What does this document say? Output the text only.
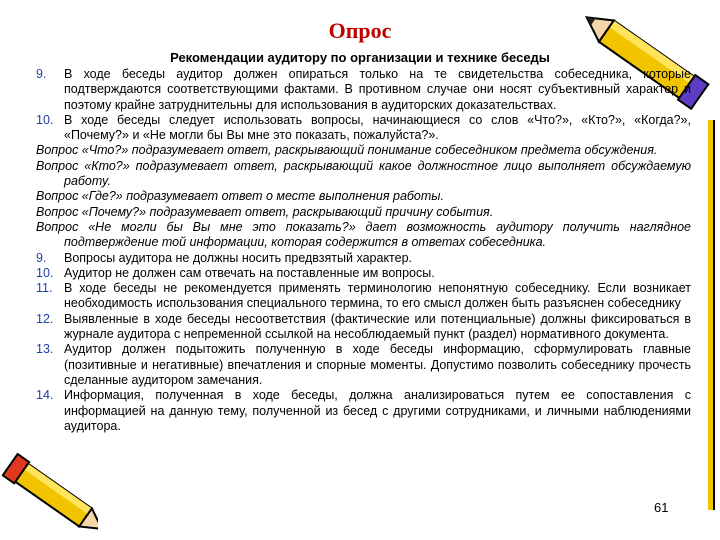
Опрос
Рекомендации аудитору по организации и технике беседы
9.	В ходе беседы аудитор должен опираться только на те свидетельства собеседника, которые подтверждаются соответствующими фактами. В противном случае они носят субъективный характер и поэтому крайне затруднительны для использования в аудиторских доказательствах.
10. В ходе беседы следует использовать вопросы, начинающиеся со слов «Что?», «Кто?», «Когда?», «Почему?» и «Не могли бы Вы мне это показать, пожалуйста?».
Вопрос «Что?» подразумевает ответ, раскрывающий понимание собеседником предмета обсуждения.
Вопрос «Кто?» подразумевает ответ, раскрывающий какое должностное лицо выполняет обсуждаемую работу.
Вопрос «Где?» подразумевает ответ о месте выполнения работы.
Вопрос «Почему?» подразумевает ответ, раскрывающий причину события.
Вопрос «Не могли бы Вы мне это показать?» дает возможность аудитору получить наглядное подтверждение той информации, которая содержится в ответах собеседника.
9.	Вопросы аудитора не должны носить предвзятый характер.
10. Аудитор не должен сам отвечать на поставленные им вопросы.
11. В ходе беседы не рекомендуется применять терминологию непонятную собеседнику. Если возникает необходимость использования специального термина, то его смысл должен быть разъяснен собеседнику
12. Выявленные в ходе беседы несоответствия (фактические или потенциальные) должны фиксироваться в журнале аудитора с непременной ссылкой на несоблюдаемый пункт (раздел) нормативного документа.
13. Аудитор должен подытожить полученную в ходе беседы информацию, сформулировать главные (позитивные и негативные) впечатления и спорные моменты. Допустимо позволить собеседнику прочесть сделанные аудитором замечания.
14. Информация, полученная в ходе беседы, должна анализироваться путем ее сопоставления с информацией на данную тему, полученной из бесед с другими сотрудниками, и личными наблюдениями аудитора.
61
